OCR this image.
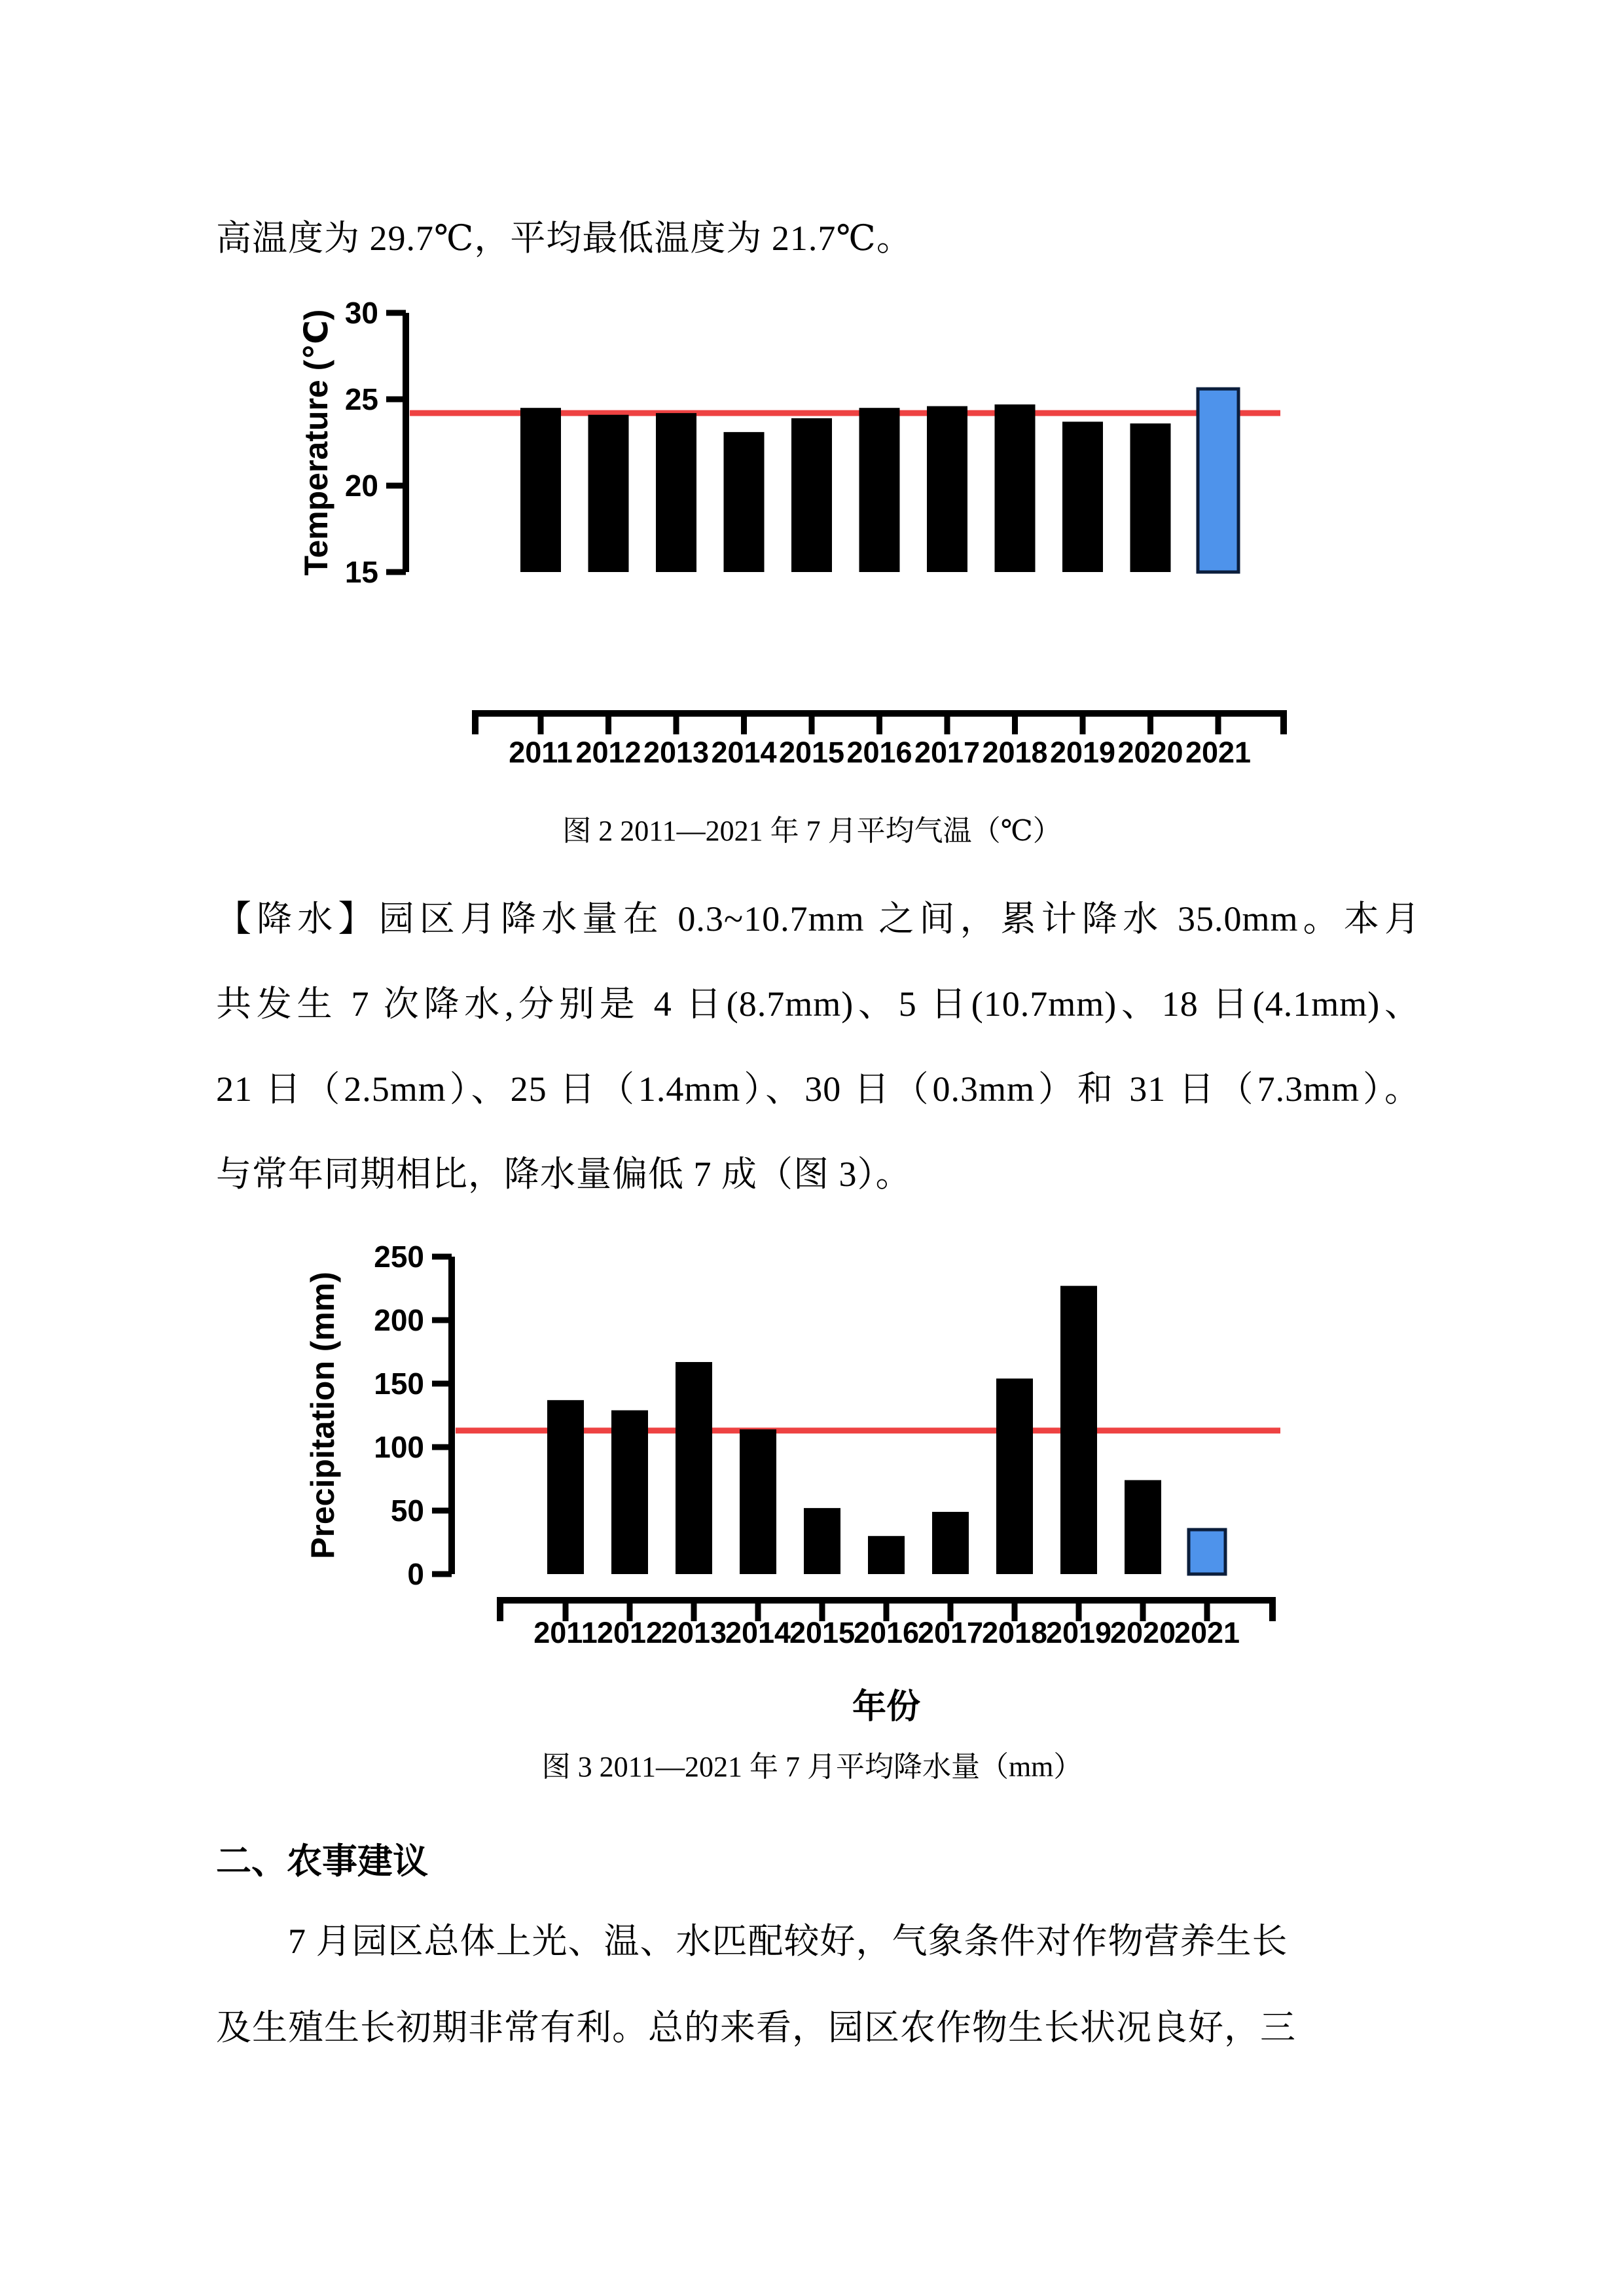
高温度为 29.7℃，平均最低温度为 21.7℃。
15
20
25
30
Temperature (℃)
2011 2012 2013 2014 2015 2016 2017 2018 2019 2020 2021
图 2 2011—2021 年 7 月平均气温（℃）
【降水】园区月降水量在 0.3~10.7mm 之间，累计降水 35.0mm。本月
共发生 7 次降水,分别是 4 日(8.7mm)、5 日(10.7mm)、18 日(4.1mm)、
21 日（2.5mm）、25 日（1.4mm）、30 日（0.3mm）和 31 日（7.3mm）。
与常年同期相比，降水量偏低 7 成（图 3）。
0
50
100
150
200
250
Precipitation (mm)
2011 2012
2013
2014
2015
2016
2017
2018
2019
2020
2021
年份
图 3 2011—2021 年 7 月平均降水量（mm）
二、农事建议
7 月园区总体上光、温、水匹配较好，气象条件对作物营养生长
及生殖生长初期非常有利。总的来看，园区农作物生长状况良好，三
